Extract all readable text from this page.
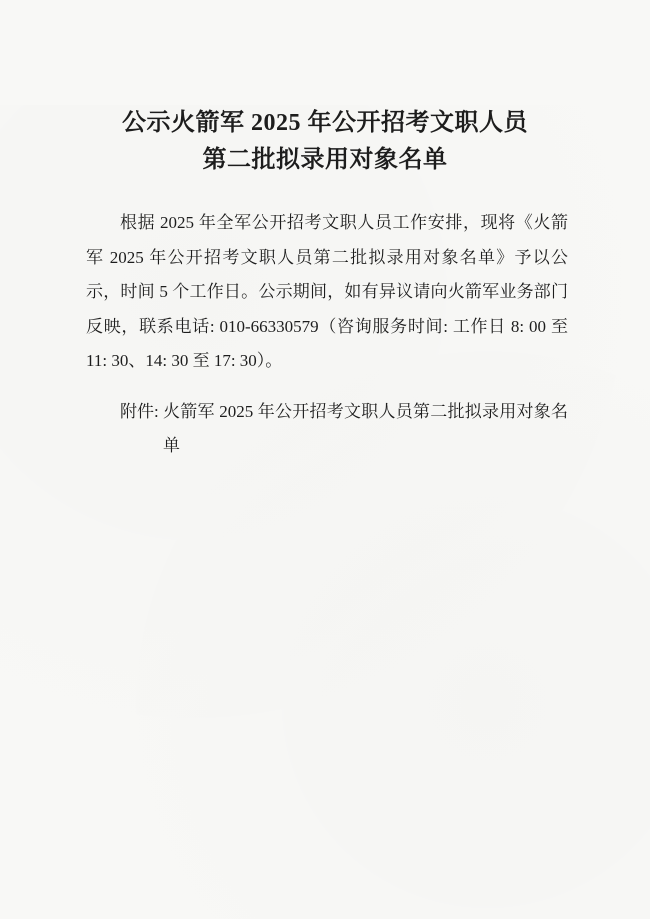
公示火箭军 2025 年公开招考文职人员
第二批拟录用对象名单

根据 2025 年全军公开招考文职人员工作安排，现将《火箭军 2025 年公开招考文职人员第二批拟录用对象名单》予以公示，时间 5 个工作日。公示期间，如有异议请向火箭军业务部门反映，联系电话: 010-66330579（咨询服务时间: 工作日 8: 00 至 11: 30、14: 30 至 17: 30）。

附件: 火箭军 2025 年公开招考文职人员第二批拟录用对象名单
